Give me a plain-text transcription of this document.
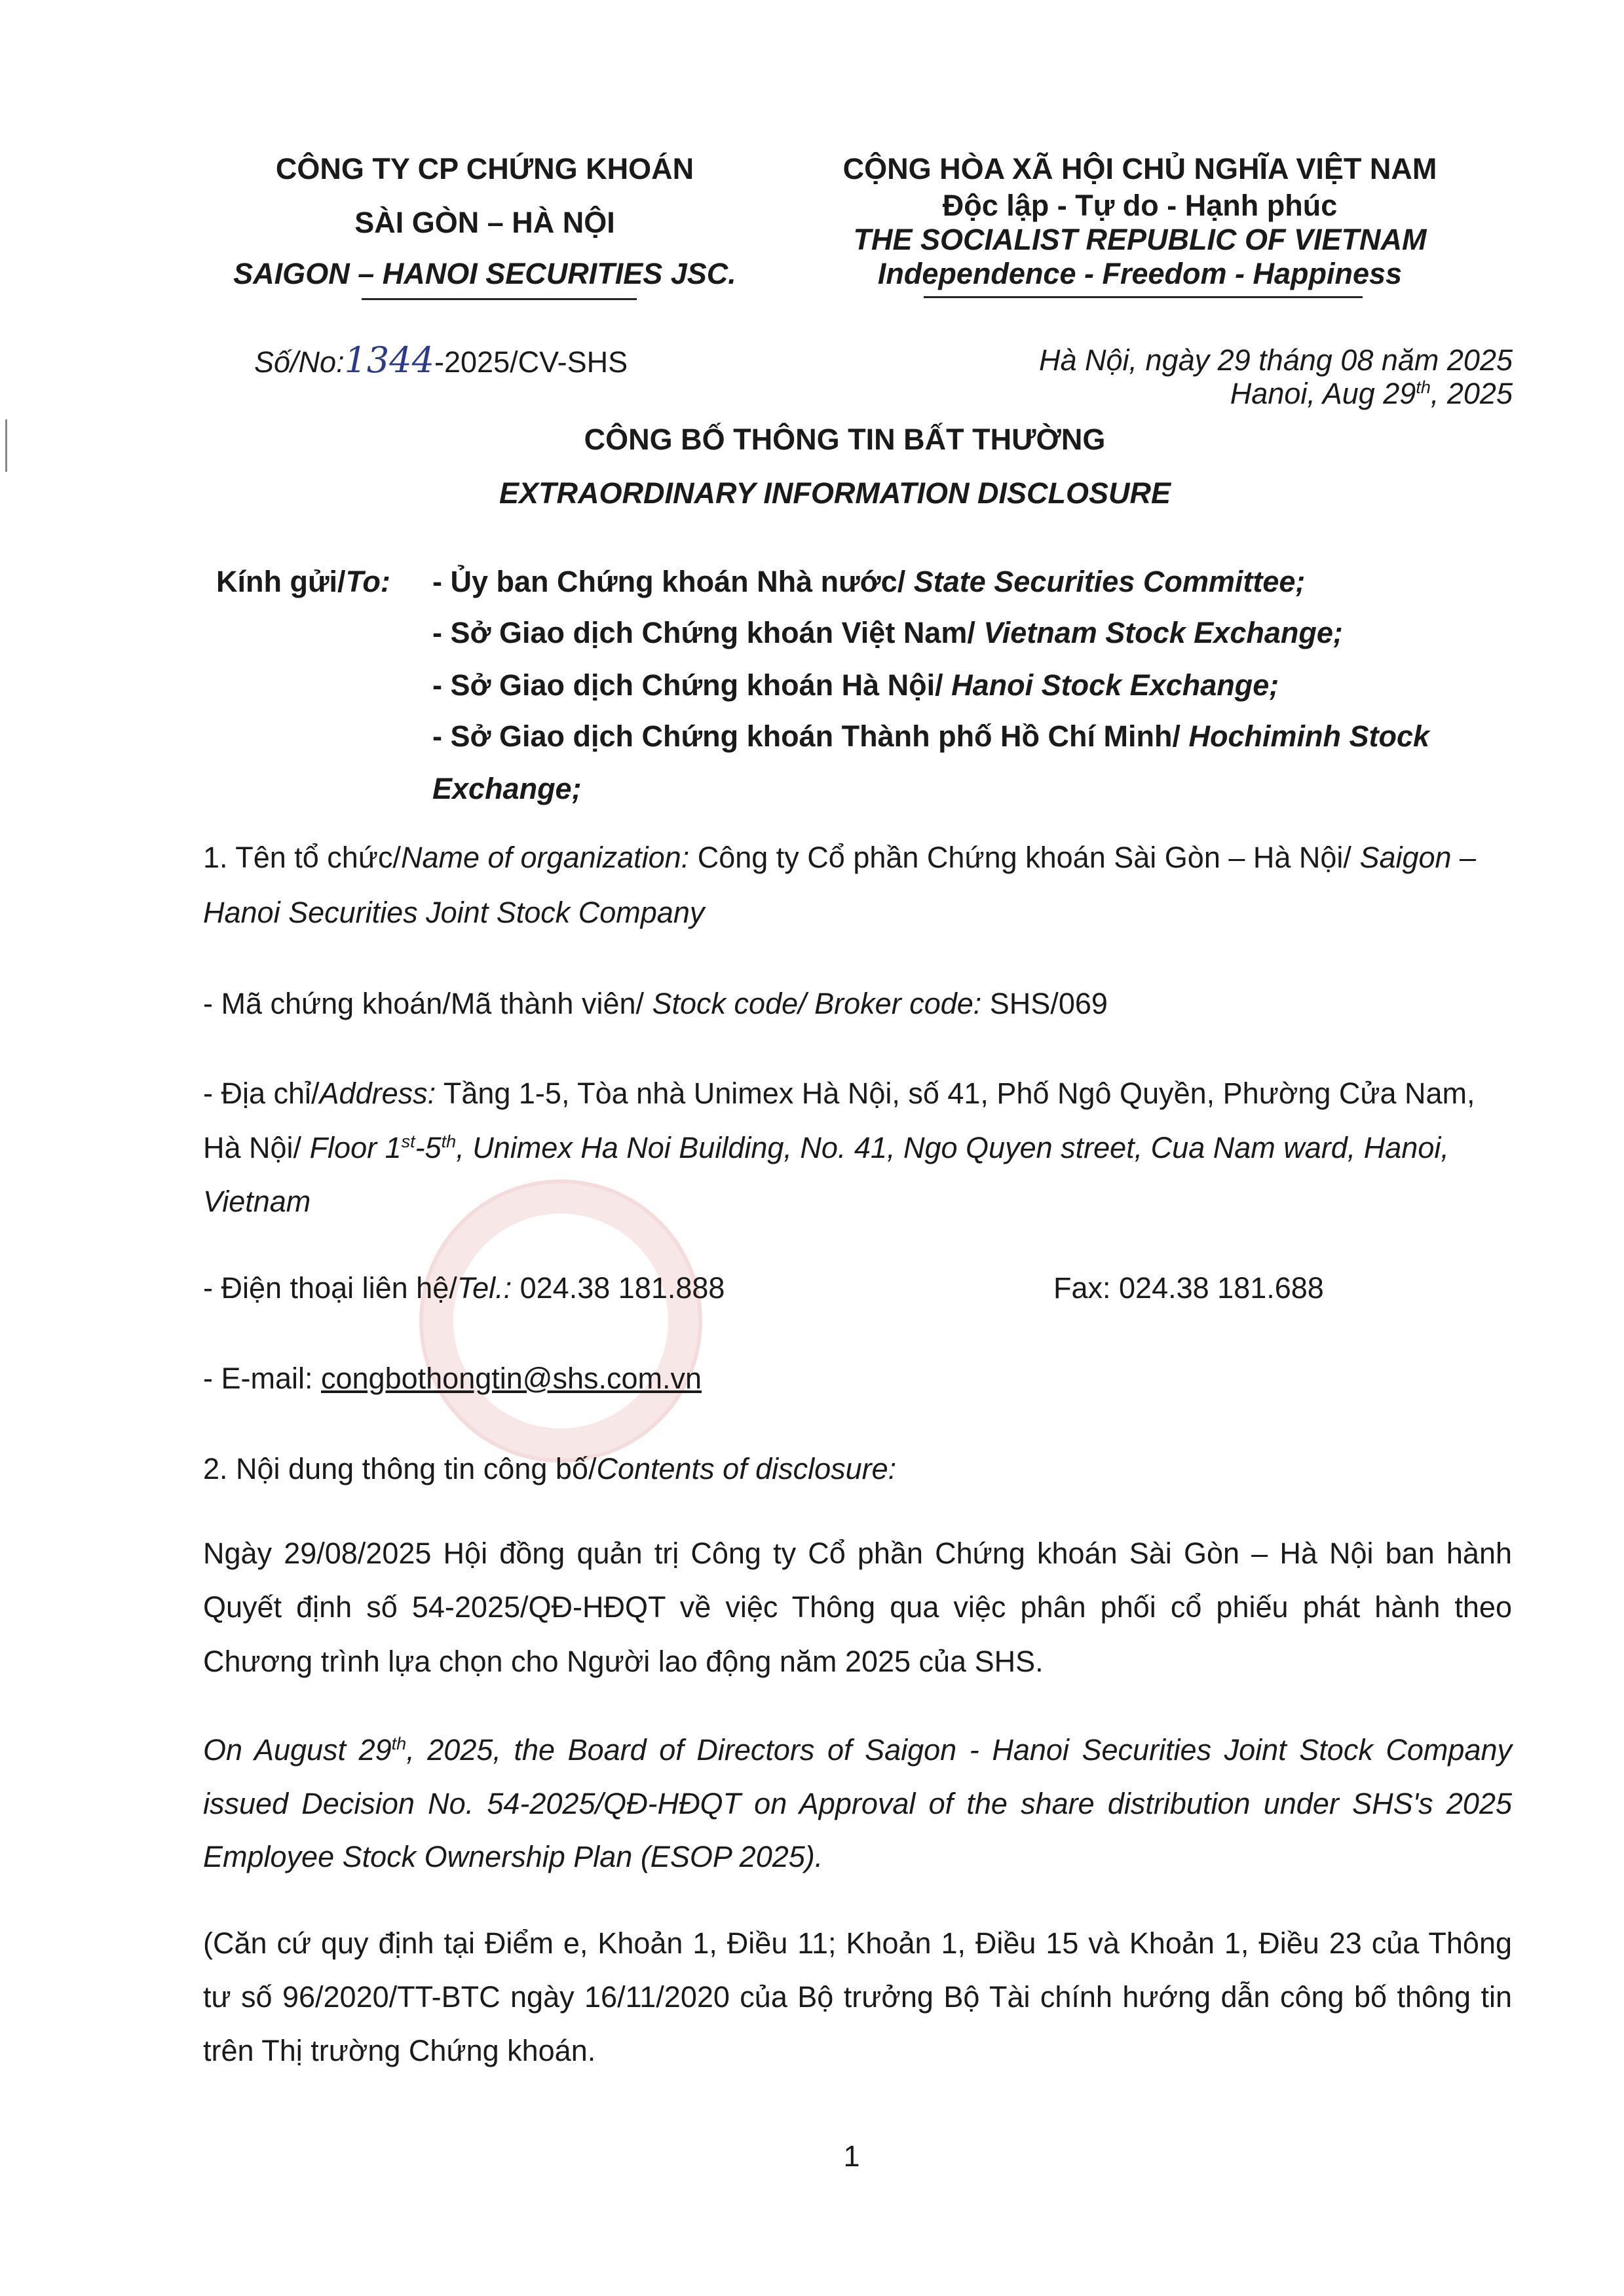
CÔNG TY CP CHỨNG KHOÁN
SÀI GÒN – HÀ NỘI
SAIGON – HANOI SECURITIES JSC.
CỘNG HÒA XÃ HỘI CHỦ NGHĨA VIỆT NAM
Độc lập - Tự do - Hạnh phúc
THE SOCIALIST REPUBLIC OF VIETNAM
Independence - Freedom - Happiness
Số/No:1344-2025/CV-SHS	Hà Nội, ngày 29 tháng 08 năm 2025
Hanoi, Aug 29th, 2025
CÔNG BỐ THÔNG TIN BẤT THƯỜNG
EXTRAORDINARY INFORMATION DISCLOSURE
Kính gửi/To: - Ủy ban Chứng khoán Nhà nước/ State Securities Committee;
- Sở Giao dịch Chứng khoán Việt Nam/ Vietnam Stock Exchange;
- Sở Giao dịch Chứng khoán Hà Nội/ Hanoi Stock Exchange;
- Sở Giao dịch Chứng khoán Thành phố Hồ Chí Minh/ Hochiminh Stock
Exchange;
1. Tên tổ chức/Name of organization: Công ty Cổ phần Chứng khoán Sài Gòn – Hà Nội/ Saigon –
Hanoi Securities Joint Stock Company
- Mã chứng khoán/Mã thành viên/ Stock code/ Broker code: SHS/069
- Địa chỉ/Address: Tầng 1-5, Tòa nhà Unimex Hà Nội, số 41, Phố Ngô Quyền, Phường Cửa Nam,
Hà Nội/ Floor 1st-5th, Unimex Ha Noi Building, No. 41, Ngo Quyen street, Cua Nam ward, Hanoi,
Vietnam
- Điện thoại liên hệ/Tel.: 024.38 181.888	Fax: 024.38 181.688
- E-mail: congbothongtin@shs.com.vn
2. Nội dung thông tin công bố/Contents of disclosure:
Ngày 29/08/2025 Hội đồng quản trị Công ty Cổ phần Chứng khoán Sài Gòn – Hà Nội ban hành
Quyết định số 54-2025/QĐ-HĐQT về việc Thông qua việc phân phối cổ phiếu phát hành theo
Chương trình lựa chọn cho Người lao động năm 2025 của SHS.
On August 29th, 2025, the Board of Directors of Saigon - Hanoi Securities Joint Stock Company
issued Decision No. 54-2025/QĐ-HĐQT on Approval of the share distribution under SHS's 2025
Employee Stock Ownership Plan (ESOP 2025).
(Căn cứ quy định tại Điểm e, Khoản 1, Điều 11; Khoản 1, Điều 15 và Khoản 1, Điều 23 của Thông
tư số 96/2020/TT-BTC ngày 16/11/2020 của Bộ trưởng Bộ Tài chính hướng dẫn công bố thông tin
trên Thị trường Chứng khoán.
1
